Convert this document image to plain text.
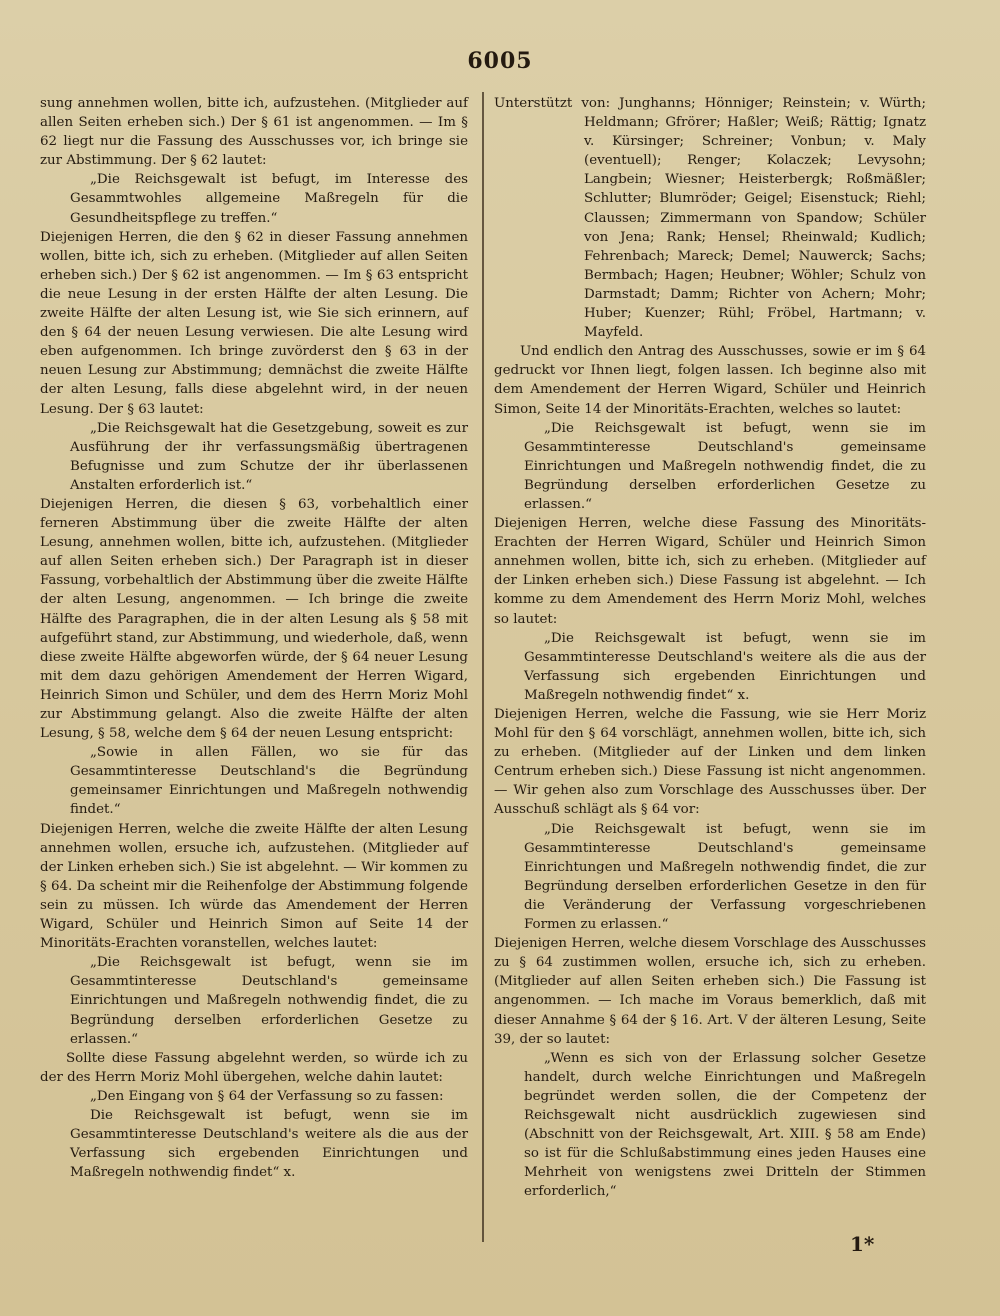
6005

sung annehmen wollen, bitte ich, aufzustehen. (Mitglieder auf allen Seiten erheben sich.) Der § 61 ist angenommen. — Im § 62 liegt nur die Fassung des Ausschusses vor, ich bringe sie zur Abstimmung. Der § 62 lautet:

„Die Reichsgewalt ist befugt, im Interesse des Gesammtwohles allgemeine Maßregeln für die Gesundheitspflege zu treffen.“

Diejenigen Herren, die den § 62 in dieser Fassung annehmen wollen, bitte ich, sich zu erheben. (Mitglieder auf allen Seiten erheben sich.) Der § 62 ist angenommen. — Im § 63 entspricht die neue Lesung in der ersten Hälfte der alten Lesung. Die zweite Hälfte der alten Lesung ist, wie Sie sich erinnern, auf den § 64 der neuen Lesung verwiesen. Die alte Lesung wird eben aufgenommen. Ich bringe zuvörderst den § 63 in der neuen Lesung zur Abstimmung; demnächst die zweite Hälfte der alten Lesung, falls diese abgelehnt wird, in der neuen Lesung. Der § 63 lautet:

„Die Reichsgewalt hat die Gesetzgebung, soweit es zur Ausführung der ihr verfassungsmäßig übertragenen Befugnisse und zum Schutze der ihr überlassenen Anstalten erforderlich ist.“

Diejenigen Herren, die diesen § 63, vorbehaltlich einer ferneren Abstimmung über die zweite Hälfte der alten Lesung, annehmen wollen, bitte ich, aufzustehen. (Mitglieder auf allen Seiten erheben sich.) Der Paragraph ist in dieser Fassung, vorbehaltlich der Abstimmung über die zweite Hälfte der alten Lesung, angenommen. — Ich bringe die zweite Hälfte des Paragraphen, die in der alten Lesung als § 58 mit aufgeführt stand, zur Abstimmung, und wiederhole, daß, wenn diese zweite Hälfte abgeworfen würde, der § 64 neuer Lesung mit dem dazu gehörigen Amendement der Herren Wigard, Heinrich Simon und Schüler, und dem des Herrn Moriz Mohl zur Abstimmung gelangt. Also die zweite Hälfte der alten Lesung, § 58, welche dem § 64 der neuen Lesung entspricht:

„Sowie in allen Fällen, wo sie für das Gesammtinteresse Deutschland's die Begründung gemeinsamer Einrichtungen und Maßregeln nothwendig findet.“

Diejenigen Herren, welche die zweite Hälfte der alten Lesung annehmen wollen, ersuche ich, aufzustehen. (Mitglieder auf der Linken erheben sich.) Sie ist abgelehnt. — Wir kommen zu § 64. Da scheint mir die Reihenfolge der Abstimmung folgende sein zu müssen. Ich würde das Amendement der Herren Wigard, Schüler und Heinrich Simon auf Seite 14 der Minoritäts-Erachten voranstellen, welches lautet:

„Die Reichsgewalt ist befugt, wenn sie im Gesammtinteresse Deutschland's gemeinsame Einrichtungen und Maßregeln nothwendig findet, die zu Begründung derselben erforderlichen Gesetze zu erlassen.“

Sollte diese Fassung abgelehnt werden, so würde ich zu der des Herrn Moriz Mohl übergehen, welche dahin lautet:

„Den Eingang von § 64 der Verfassung so zu fassen:

Die Reichsgewalt ist befugt, wenn sie im Gesammtinteresse Deutschland's weitere als die aus der Verfassung sich ergebenden Einrichtungen und Maßregeln nothwendig findet“ x.

Unterstützt von: Junghanns; Hönniger; Reinstein; v. Würth; Heldmann; Gfrörer; Haßler; Weiß; Rättig; Ignatz v. Kürsinger; Schreiner; Vonbun; v. Maly (eventuell); Renger; Kolaczek; Levysohn; Langbein; Wiesner; Heisterbergk; Roßmäßler; Schlutter; Blumröder; Geigel; Eisenstuck; Riehl; Claussen; Zimmermann von Spandow; Schüler von Jena; Rank; Hensel; Rheinwald; Kudlich; Fehrenbach; Mareck; Demel; Nauwerck; Sachs; Bermbach; Hagen; Heubner; Wöhler; Schulz von Darmstadt; Damm; Richter von Achern; Mohr; Huber; Kuenzer; Rühl; Fröbel, Hartmann; v. Mayfeld.

Und endlich den Antrag des Ausschusses, sowie er im § 64 gedruckt vor Ihnen liegt, folgen lassen. Ich beginne also mit dem Amendement der Herren Wigard, Schüler und Heinrich Simon, Seite 14 der Minoritäts-Erachten, welches so lautet:

„Die Reichsgewalt ist befugt, wenn sie im Gesammtinteresse Deutschland's gemeinsame Einrichtungen und Maßregeln nothwendig findet, die zu Begründung derselben erforderlichen Gesetze zu erlassen.“

Diejenigen Herren, welche diese Fassung des Minoritäts-Erachten der Herren Wigard, Schüler und Heinrich Simon annehmen wollen, bitte ich, sich zu erheben. (Mitglieder auf der Linken erheben sich.) Diese Fassung ist abgelehnt. — Ich komme zu dem Amendement des Herrn Moriz Mohl, welches so lautet:

„Die Reichsgewalt ist befugt, wenn sie im Gesammtinteresse Deutschland's weitere als die aus der Verfassung sich ergebenden Einrichtungen und Maßregeln nothwendig findet“ x.

Diejenigen Herren, welche die Fassung, wie sie Herr Moriz Mohl für den § 64 vorschlägt, annehmen wollen, bitte ich, sich zu erheben. (Mitglieder auf der Linken und dem linken Centrum erheben sich.) Diese Fassung ist nicht angenommen. — Wir gehen also zum Vorschlage des Ausschusses über. Der Ausschuß schlägt als § 64 vor:

„Die Reichsgewalt ist befugt, wenn sie im Gesammtinteresse Deutschland's gemeinsame Einrichtungen und Maßregeln nothwendig findet, die zur Begründung derselben erforderlichen Gesetze in den für die Veränderung der Verfassung vorgeschriebenen Formen zu erlassen.“

Diejenigen Herren, welche diesem Vorschlage des Ausschusses zu § 64 zustimmen wollen, ersuche ich, sich zu erheben. (Mitglieder auf allen Seiten erheben sich.) Die Fassung ist angenommen. — Ich mache im Voraus bemerklich, daß mit dieser Annahme § 64 der § 16. Art. V der älteren Lesung, Seite 39, der so lautet:

„Wenn es sich von der Erlassung solcher Gesetze handelt, durch welche Einrichtungen und Maßregeln begründet werden sollen, die der Competenz der Reichsgewalt nicht ausdrücklich zugewiesen sind (Abschnitt von der Reichsgewalt, Art. XIII. § 58 am Ende) so ist für die Schlußabstimmung eines jeden Hauses eine Mehrheit von wenigstens zwei Dritteln der Stimmen erforderlich,“

1*
